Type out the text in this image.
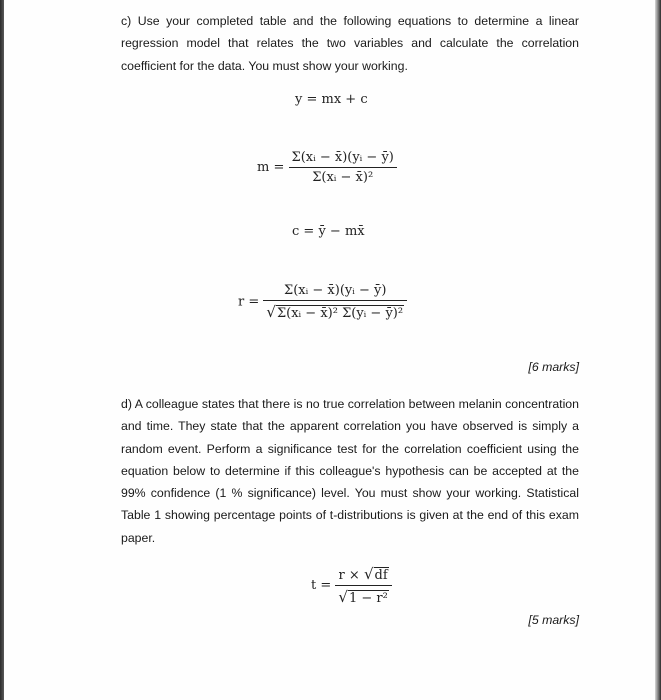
c) Use your completed table and the following equations to determine a linear regression model that relates the two variables and calculate the correlation coefficient for the data. You must show your working.

y = mx + c
$m = \frac{\text{Σ(xᵢ − x̄)(yᵢ − ȳ)}}{\text{Σ(xᵢ − x̄)²}}$
c = ȳ − mx̄
$r = \frac{\text{Σ(xᵢ − x̄)(yᵢ − ȳ)}}{\text{√Σ(xᵢ − x̄)² Σ(yᵢ − ȳ)²}}$
[6 marks]

d) A colleague states that there is no true correlation between melanin concentration and time. They state that the apparent correlation you have observed is simply a random event. Perform a significance test for the correlation coefficient using the equation below to determine if this colleague's hypothesis can be accepted at the 99% confidence (1 % significance) level. You must show your working. Statistical Table 1 showing percentage points of t-distributions is given at the end of this exam paper.

$t = \frac{r \times √df}{\text{√1 − r²}}$
[5 marks]
